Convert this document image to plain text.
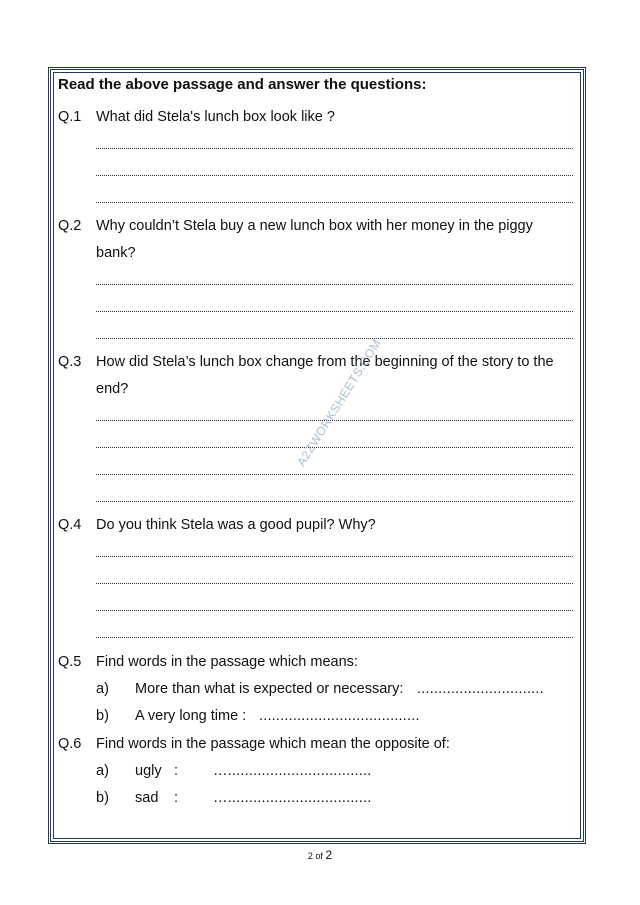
Read the above passage and answer the questions:
Q.1 What did Stela's lunch box look like ?
Q.2 Why couldn’t Stela buy a new lunch box with her money in the piggy
bank?
Q.3 How did Stela’s lunch box change from the beginning of the story to the
end?
Q.4 Do you think Stela was a good pupil? Why?
Q.5 Find words in the passage which means:
a) More than what is expected or necessary: ..............................
b) A very long time : ......................................
Q.6 Find words in the passage which mean the opposite of:
a) ugly : …..................................
b) sad : …..................................
A2ZWORKSHEETS.COM
2 of 2
